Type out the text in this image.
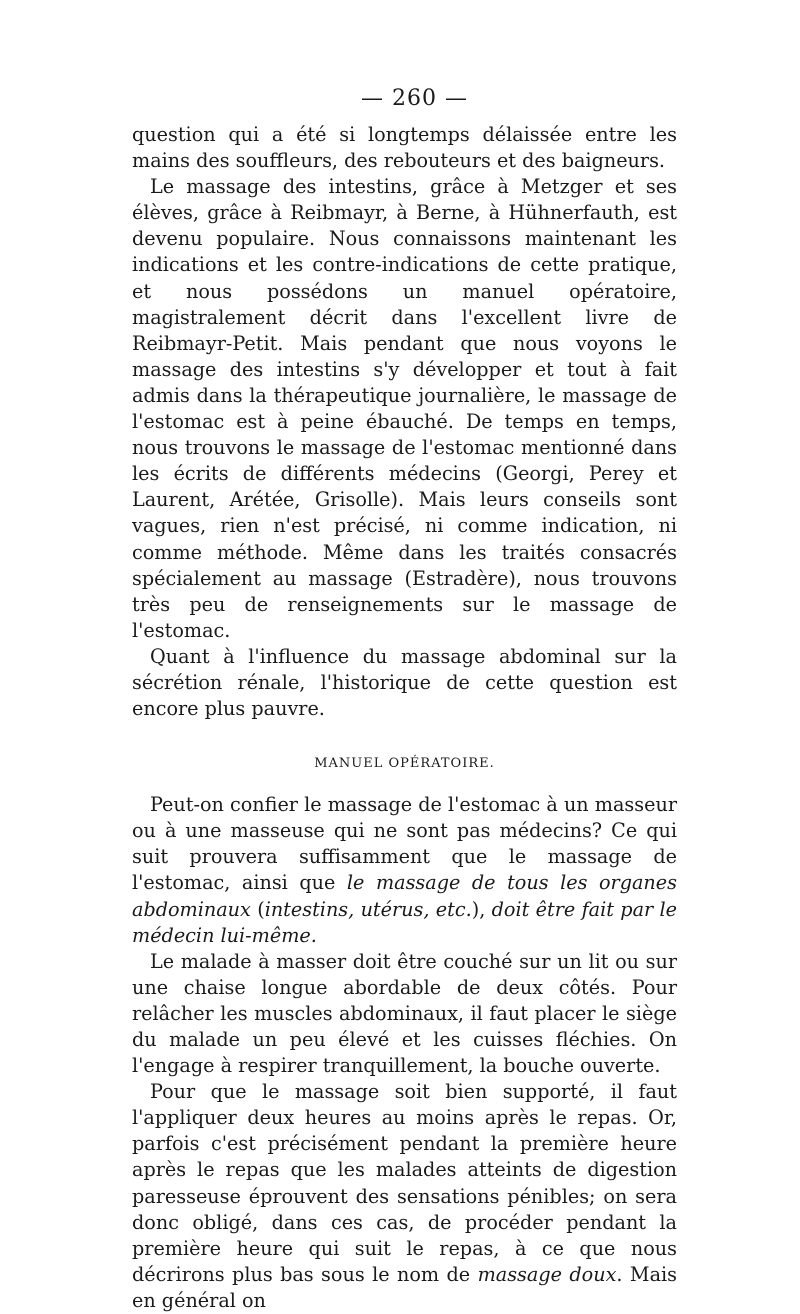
— 260 —

question qui a été si longtemps délaissée entre les mains des souffleurs, des rebouteurs et des baigneurs.

Le massage des intestins, grâce à Metzger et ses élèves, grâce à Reibmayr, à Berne, à Hühnerfauth, est devenu populaire. Nous connaissons maintenant les indications et les contre-indications de cette pratique, et nous possédons un manuel opératoire, magistralement décrit dans l'excellent livre de Reibmayr-Petit. Mais pendant que nous voyons le massage des intestins s'y développer et tout à fait admis dans la thérapeutique journalière, le massage de l'estomac est à peine ébauché. De temps en temps, nous trouvons le massage de l'estomac mentionné dans les écrits de différents médecins (Georgi, Perey et Laurent, Arétée, Grisolle). Mais leurs conseils sont vagues, rien n'est précisé, ni comme indication, ni comme méthode. Même dans les traités consacrés spécialement au massage (Estradère), nous trouvons très peu de renseignements sur le massage de l'estomac.

Quant à l'influence du massage abdominal sur la sécrétion rénale, l'historique de cette question est encore plus pauvre.

MANUEL OPÉRATOIRE.

Peut-on confier le massage de l'estomac à un masseur ou à une masseuse qui ne sont pas médecins? Ce qui suit prouvera suffisamment que le massage de l'estomac, ainsi que le massage de tous les organes abdominaux (intestins, utérus, etc.), doit être fait par le médecin lui-même.

Le malade à masser doit être couché sur un lit ou sur une chaise longue abordable de deux côtés. Pour relâcher les muscles abdominaux, il faut placer le siège du malade un peu élevé et les cuisses fléchies. On l'engage à respirer tranquillement, la bouche ouverte.

Pour que le massage soit bien supporté, il faut l'appliquer deux heures au moins après le repas. Or, parfois c'est précisément pendant la première heure après le repas que les malades atteints de digestion paresseuse éprouvent des sensations pénibles; on sera donc obligé, dans ces cas, de procéder pendant la première heure qui suit le repas, à ce que nous décrirons plus bas sous le nom de massage doux. Mais en général on
